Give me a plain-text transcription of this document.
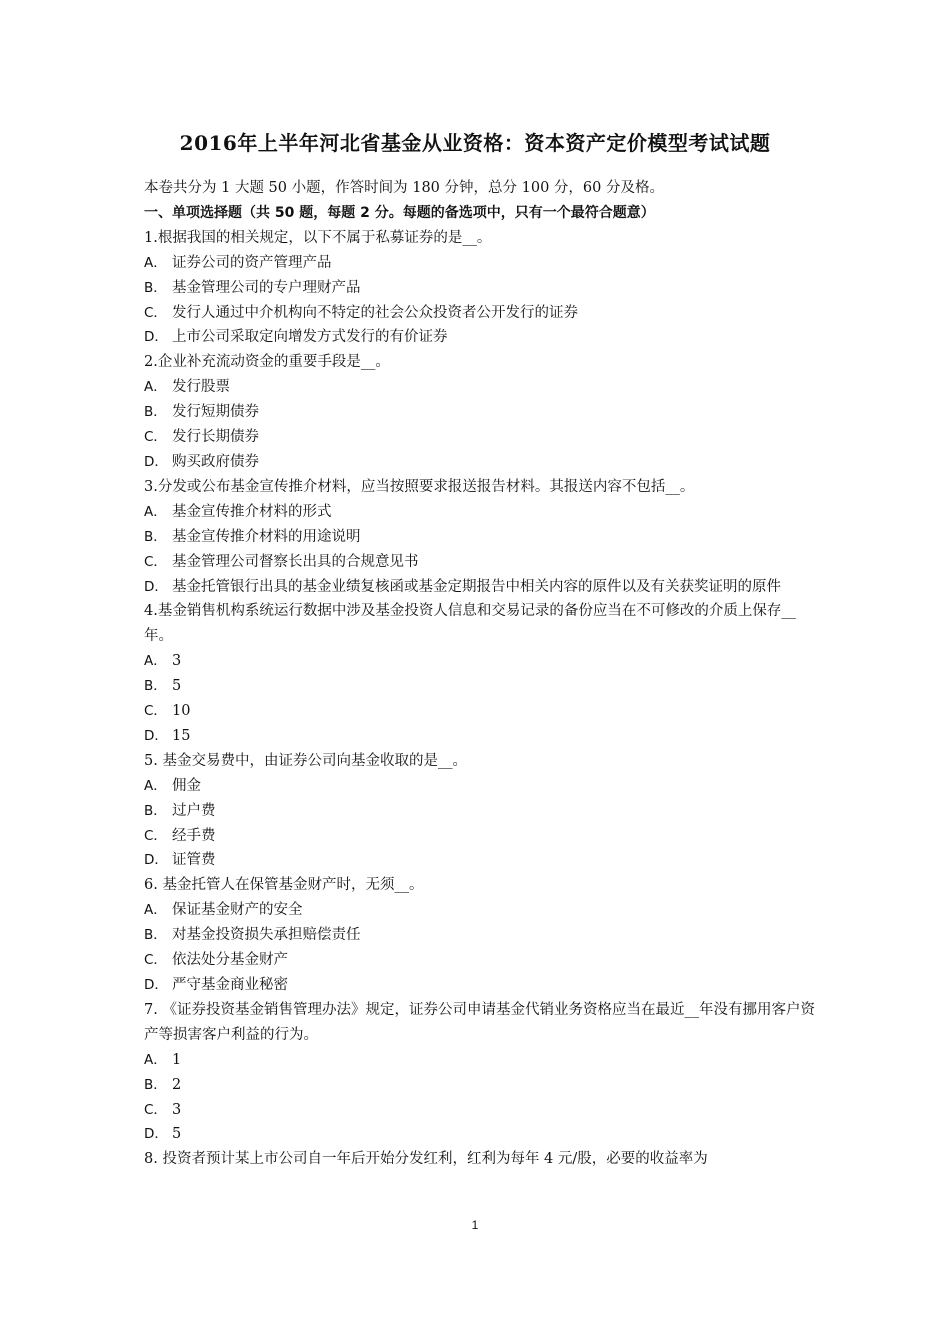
2016年上半年河北省基金从业资格：资本资产定价模型考试试题
本卷共分为 1 大题 50 小题，作答时间为 180 分钟，总分 100 分，60 分及格。
一、单项选择题（共 50 题，每题 2 分。每题的备选项中，只有一个最符合题意）
1.根据我国的相关规定，以下不属于私募证券的是__。
A． 证券公司的资产管理产品
B． 基金管理公司的专户理财产品
C． 发行人通过中介机构向不特定的社会公众投资者公开发行的证券
D． 上市公司采取定向增发方式发行的有价证券
2.企业补充流动资金的重要手段是__。
A． 发行股票
B． 发行短期债券
C． 发行长期债券
D． 购买政府债券
3.分发或公布基金宣传推介材料，应当按照要求报送报告材料。其报送内容不包括__。
A． 基金宣传推介材料的形式
B． 基金宣传推介材料的用途说明
C． 基金管理公司督察长出具的合规意见书
D． 基金托管银行出具的基金业绩复核函或基金定期报告中相关内容的原件以及有关获奖证明的原件
4.基金销售机构系统运行数据中涉及基金投资人信息和交易记录的备份应当在不可修改的介质上保存__年。
A． 3
B． 5
C． 10
D． 15
5. 基金交易费中，由证券公司向基金收取的是__。
A． 佣金
B． 过户费
C． 经手费
D． 证管费
6. 基金托管人在保管基金财产时，无须__。
A． 保证基金财产的安全
B． 对基金投资损失承担赔偿责任
C． 依法处分基金财产
D． 严守基金商业秘密
7. 《证券投资基金销售管理办法》规定，证券公司申请基金代销业务资格应当在最近__年没有挪用客户资产等损害客户利益的行为。
A． 1
B． 2
C． 3
D． 5
8. 投资者预计某上市公司自一年后开始分发红利，红利为每年 4 元/股，必要的收益率为
1
